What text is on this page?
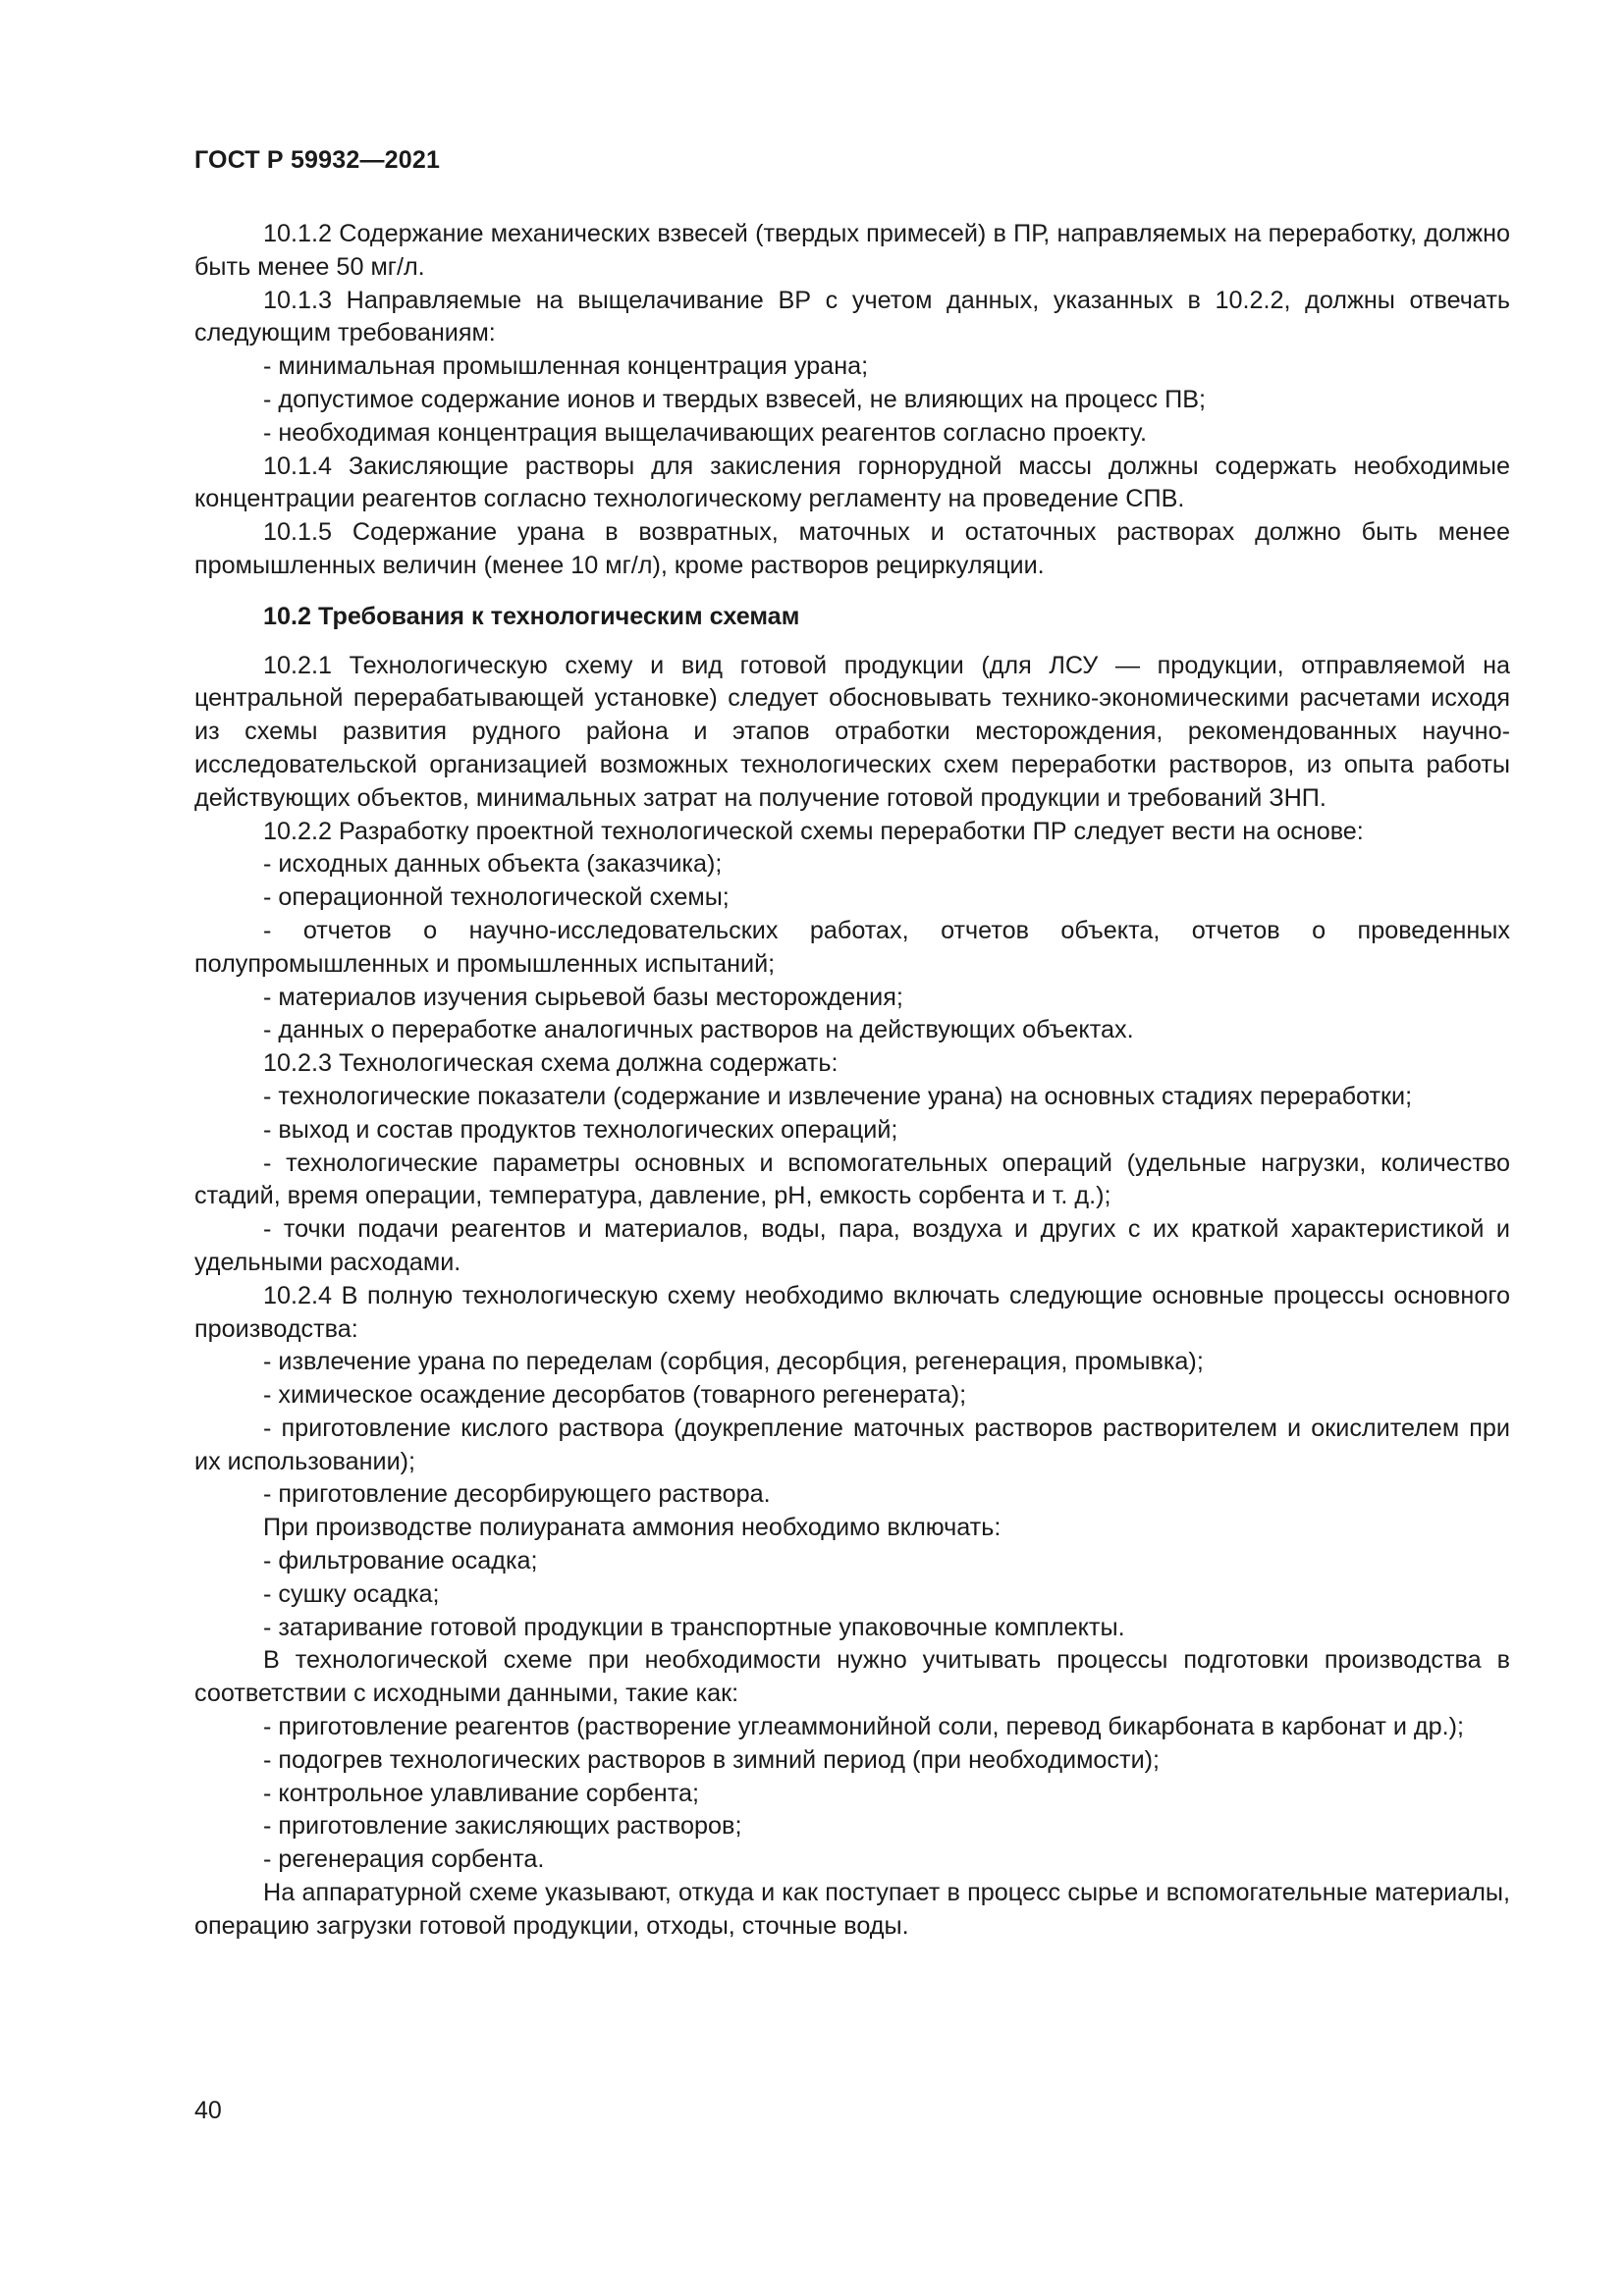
ГОСТ Р 59932—2021

10.1.2 Содержание механических взвесей (твердых примесей) в ПР, направляемых на переработку, должно быть менее 50 мг/л.

10.1.3 Направляемые на выщелачивание ВР с учетом данных, указанных в 10.2.2, должны отвечать следующим требованиям:

- минимальная промышленная концентрация урана;

- допустимое содержание ионов и твердых взвесей, не влияющих на процесс ПВ;

- необходимая концентрация выщелачивающих реагентов согласно проекту.

10.1.4 Закисляющие растворы для закисления горнорудной массы должны содержать необходимые концентрации реагентов согласно технологическому регламенту на проведение СПВ.

10.1.5 Содержание урана в возвратных, маточных и остаточных растворах должно быть менее промышленных величин (менее 10 мг/л), кроме растворов рециркуляции.

10.2 Требования к технологическим схемам

10.2.1 Технологическую схему и вид готовой продукции (для ЛСУ — продукции, отправляемой на центральной перерабатывающей установке) следует обосновывать технико-экономическими расчетами исходя из схемы развития рудного района и этапов отработки месторождения, рекомендованных научно-исследовательской организацией возможных технологических схем переработки растворов, из опыта работы действующих объектов, минимальных затрат на получение готовой продукции и требований ЗНП.

10.2.2 Разработку проектной технологической схемы переработки ПР следует вести на основе:

- исходных данных объекта (заказчика);

- операционной технологической схемы;

- отчетов о научно-исследовательских работах, отчетов объекта, отчетов о проведенных полупромышленных и промышленных испытаний;

- материалов изучения сырьевой базы месторождения;

- данных о переработке аналогичных растворов на действующих объектах.

10.2.3 Технологическая схема должна содержать:

- технологические показатели (содержание и извлечение урана) на основных стадиях переработки;

- выход и состав продуктов технологических операций;

- технологические параметры основных и вспомогательных операций (удельные нагрузки, количество стадий, время операции, температура, давление, pH, емкость сорбента и т. д.);

- точки подачи реагентов и материалов, воды, пара, воздуха и других с их краткой характеристикой и удельными расходами.

10.2.4 В полную технологическую схему необходимо включать следующие основные процессы основного производства:

- извлечение урана по переделам (сорбция, десорбция, регенерация, промывка);

- химическое осаждение десорбатов (товарного регенерата);

- приготовление кислого раствора (доукрепление маточных растворов растворителем и окислителем при их использовании);

- приготовление десорбирующего раствора.

При производстве полиураната аммония необходимо включать:

- фильтрование осадка;

- сушку осадка;

- затаривание готовой продукции в транспортные упаковочные комплекты.

В технологической схеме при необходимости нужно учитывать процессы подготовки производства в соответствии с исходными данными, такие как:

- приготовление реагентов (растворение углеаммонийной соли, перевод бикарбоната в карбонат и др.);

- подогрев технологических растворов в зимний период (при необходимости);

- контрольное улавливание сорбента;

- приготовление закисляющих растворов;

- регенерация сорбента.

На аппаратурной схеме указывают, откуда и как поступает в процесс сырье и вспомогательные материалы, операцию загрузки готовой продукции, отходы, сточные воды.

40
